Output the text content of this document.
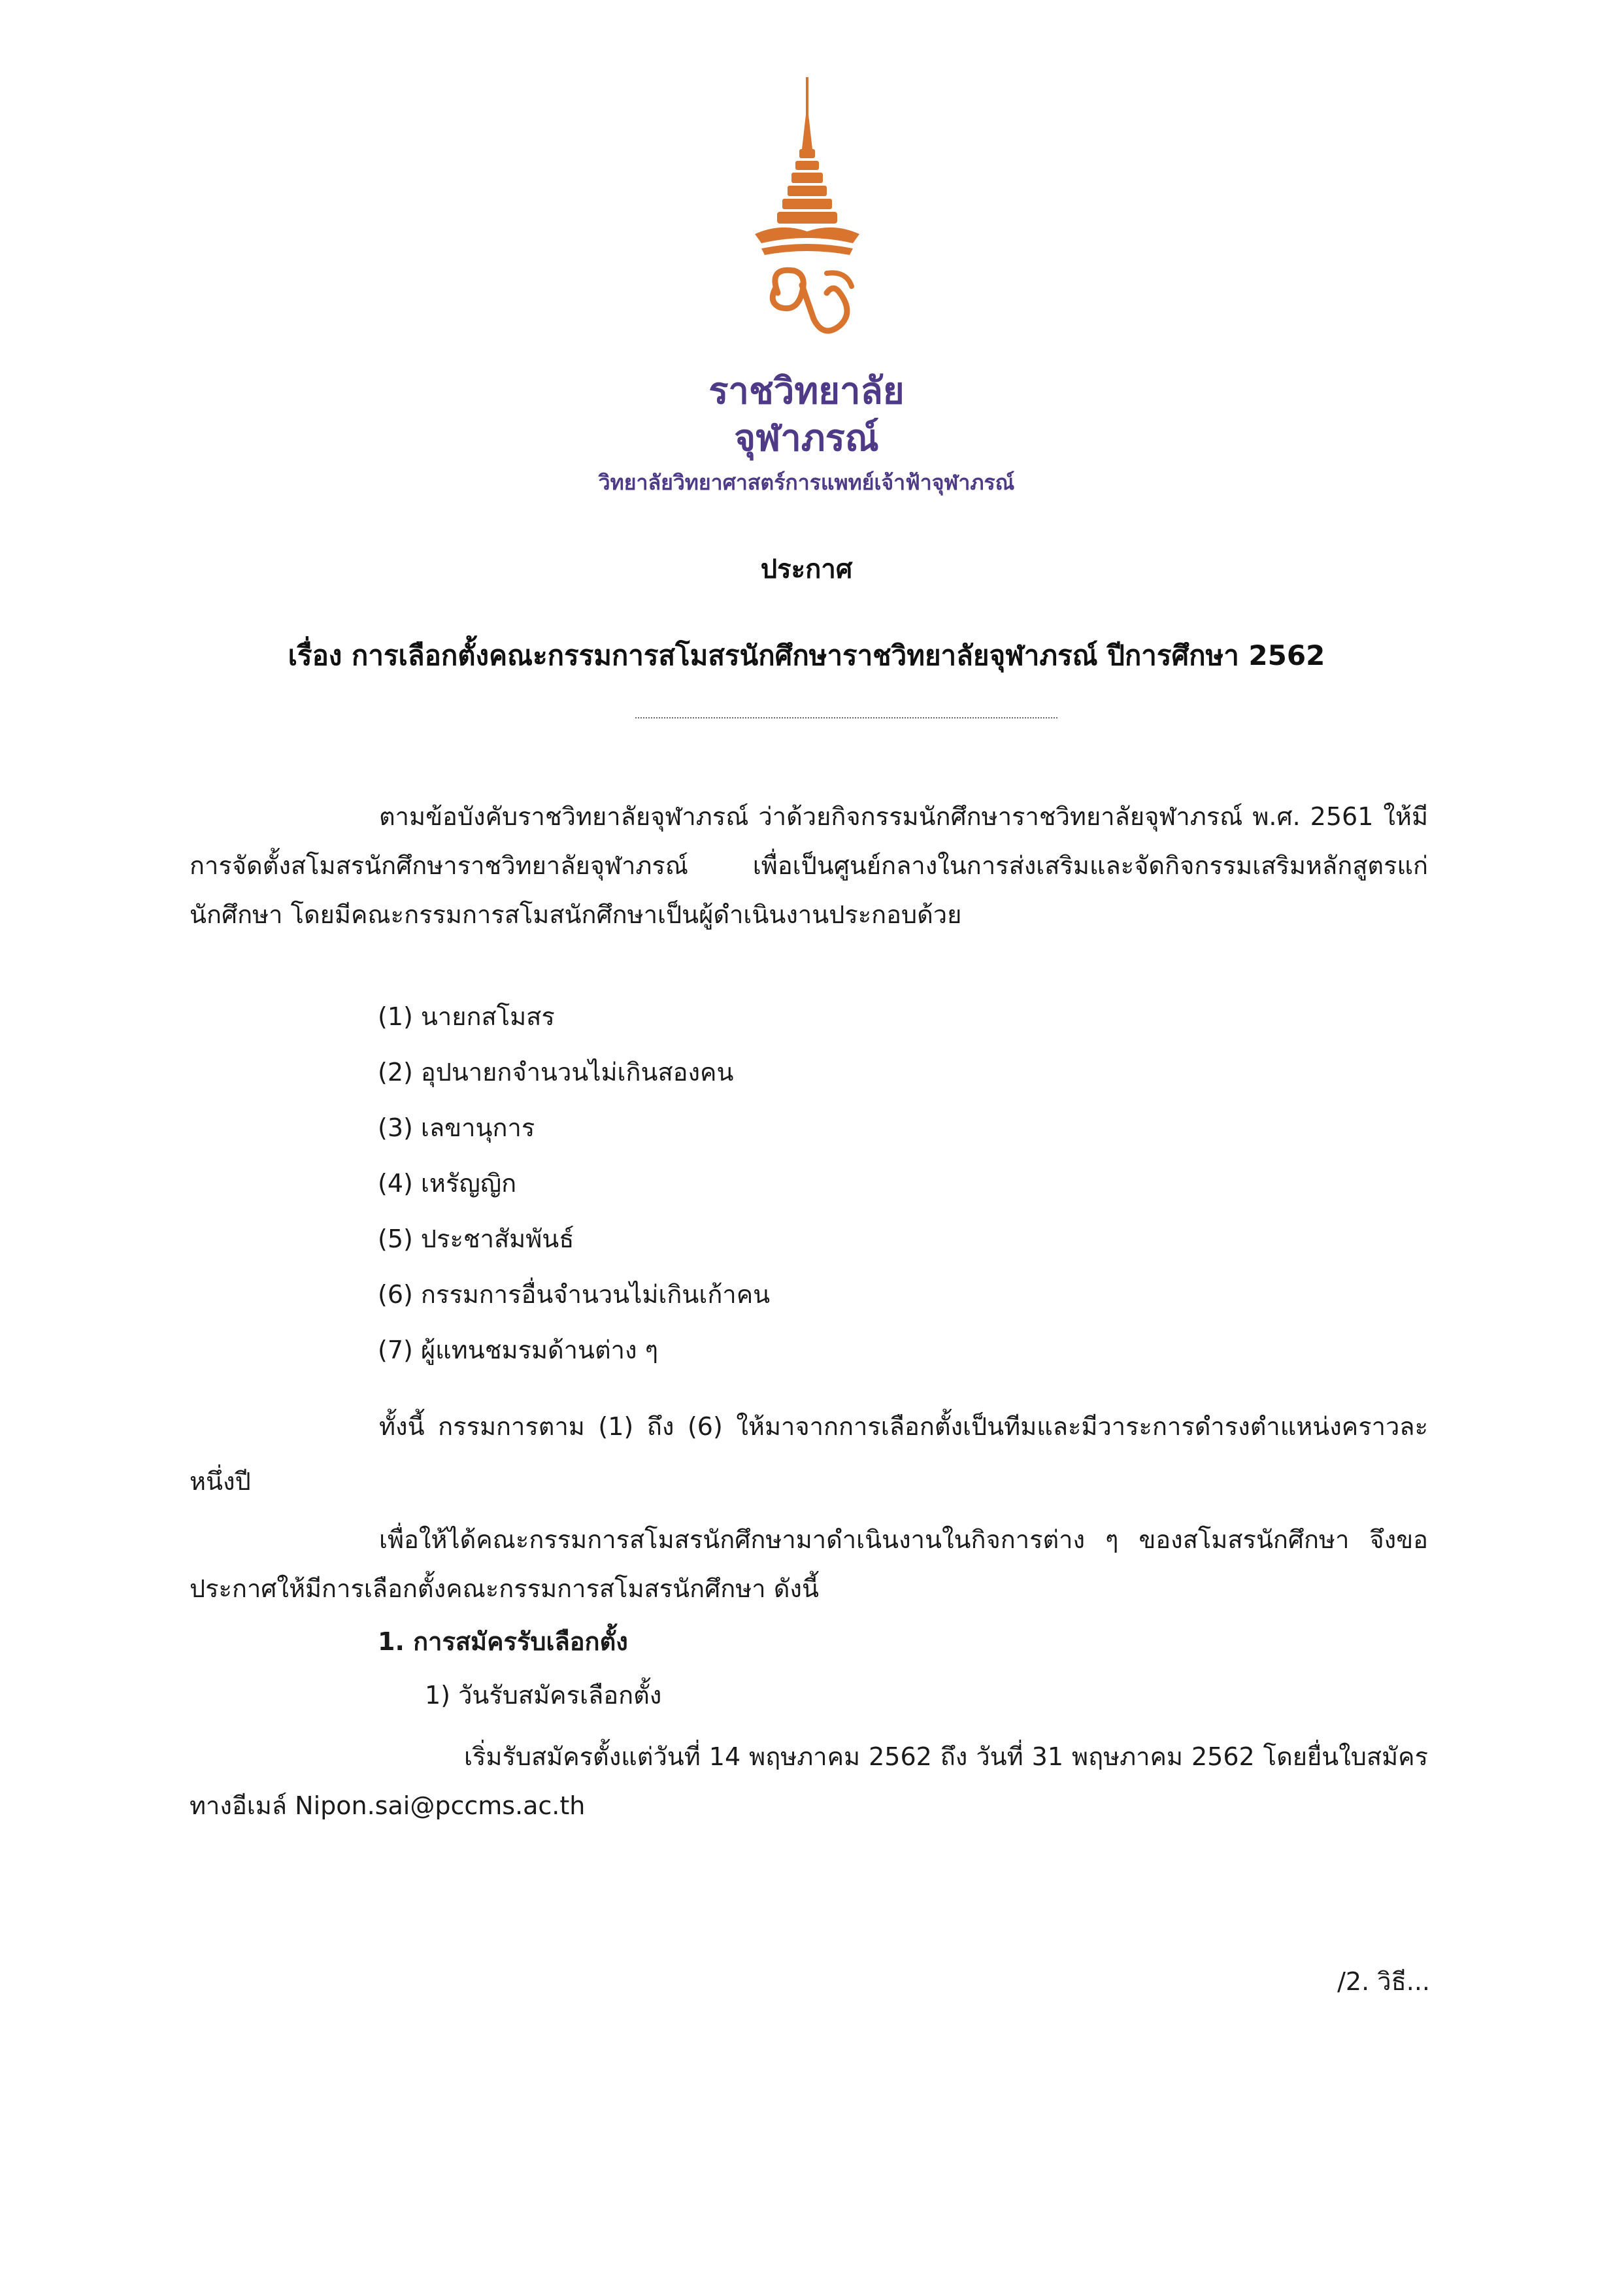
ราชวิทยาลัย
จุฬาภรณ์
วิทยาลัยวิทยาศาสตร์การแพทย์เจ้าฟ้าจุฬาภรณ์
ประกาศ
เรื่อง การเลือกตั้งคณะกรรมการสโมสรนักศึกษาราชวิทยาลัยจุฬาภรณ์ ปีการศึกษา 2562
ตามข้อบังคับราชวิทยาลัยจุฬาภรณ์ ว่าด้วยกิจกรรมนักศึกษาราชวิทยาลัยจุฬาภรณ์ พ.ศ. 2561 ให้มีการจัดตั้งสโมสรนักศึกษาราชวิทยาลัยจุฬาภรณ์ เพื่อเป็นศูนย์กลางในการส่งเสริมและจัดกิจกรรมเสริมหลักสูตรแก่นักศึกษา โดยมีคณะกรรมการสโมสนักศึกษาเป็นผู้ดำเนินงานประกอบด้วย
(1) นายกสโมสร
(2) อุปนายกจำนวนไม่เกินสองคน
(3) เลขานุการ
(4) เหรัญญิก
(5) ประชาสัมพันธ์
(6) กรรมการอื่นจำนวนไม่เกินเก้าคน
(7) ผู้แทนชมรมด้านต่าง ๆ
ทั้งนี้ กรรมการตาม (1) ถึง (6) ให้มาจากการเลือกตั้งเป็นทีมและมีวาระการดำรงตำแหน่งคราวละหนึ่งปี
เพื่อให้ได้คณะกรรมการสโมสรนักศึกษามาดำเนินงานในกิจการต่าง ๆ ของสโมสรนักศึกษา จึงขอประกาศให้มีการเลือกตั้งคณะกรรมการสโมสรนักศึกษา ดังนี้
1. การสมัครรับเลือกตั้ง
1) วันรับสมัครเลือกตั้ง
เริ่มรับสมัครตั้งแต่วันที่ 14 พฤษภาคม 2562 ถึง วันที่ 31 พฤษภาคม 2562 โดยยื่นใบสมัครทางอีเมล์ Nipon.sai@pccms.ac.th
/2. วิธี...
